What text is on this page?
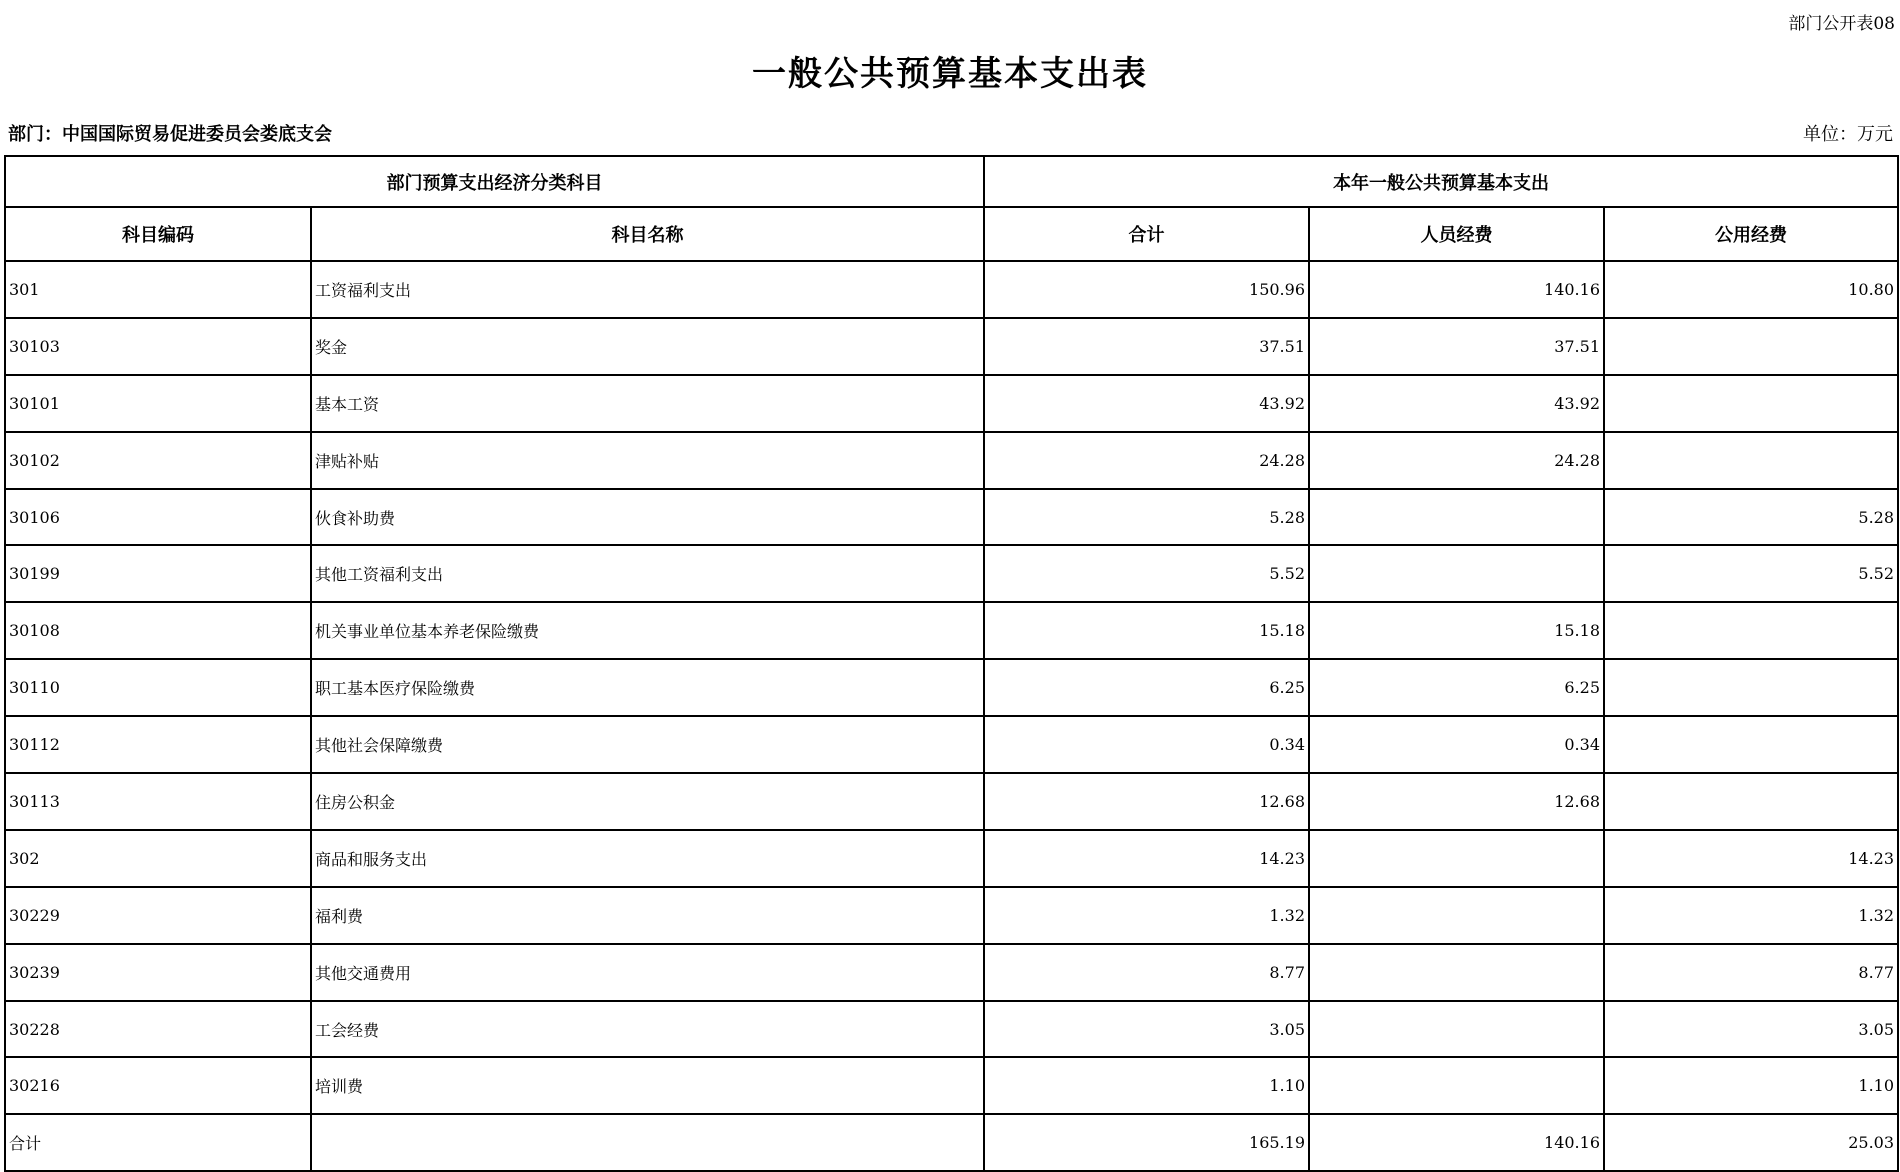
部门公开表08
一般公共预算基本支出表
部门：中国国际贸易促进委员会娄底支会	单位：万元
部门预算支出经济分类科目		本年一般公共预算基本支出		
科目编码	科目名称	合计	人员经费	公用经费
301	工资福利支出	150.96	140.16	10.80
30103	奖金	37.51	37.51	
30101	基本工资	43.92	43.92	
30102	津贴补贴	24.28	24.28	
30106	伙食补助费	5.28		5.28
30199	其他工资福利支出	5.52		5.52
30108	机关事业单位基本养老保险缴费	15.18	15.18	
30110	职工基本医疗保险缴费	6.25	6.25	
30112	其他社会保障缴费	0.34	0.34	
30113	住房公积金	12.68	12.68	
302	商品和服务支出	14.23		14.23
30229	福利费	1.32		1.32
30239	其他交通费用	8.77		8.77
30228	工会经费	3.05		3.05
30216	培训费	1.10		1.10
合计		165.19	140.16	25.03
